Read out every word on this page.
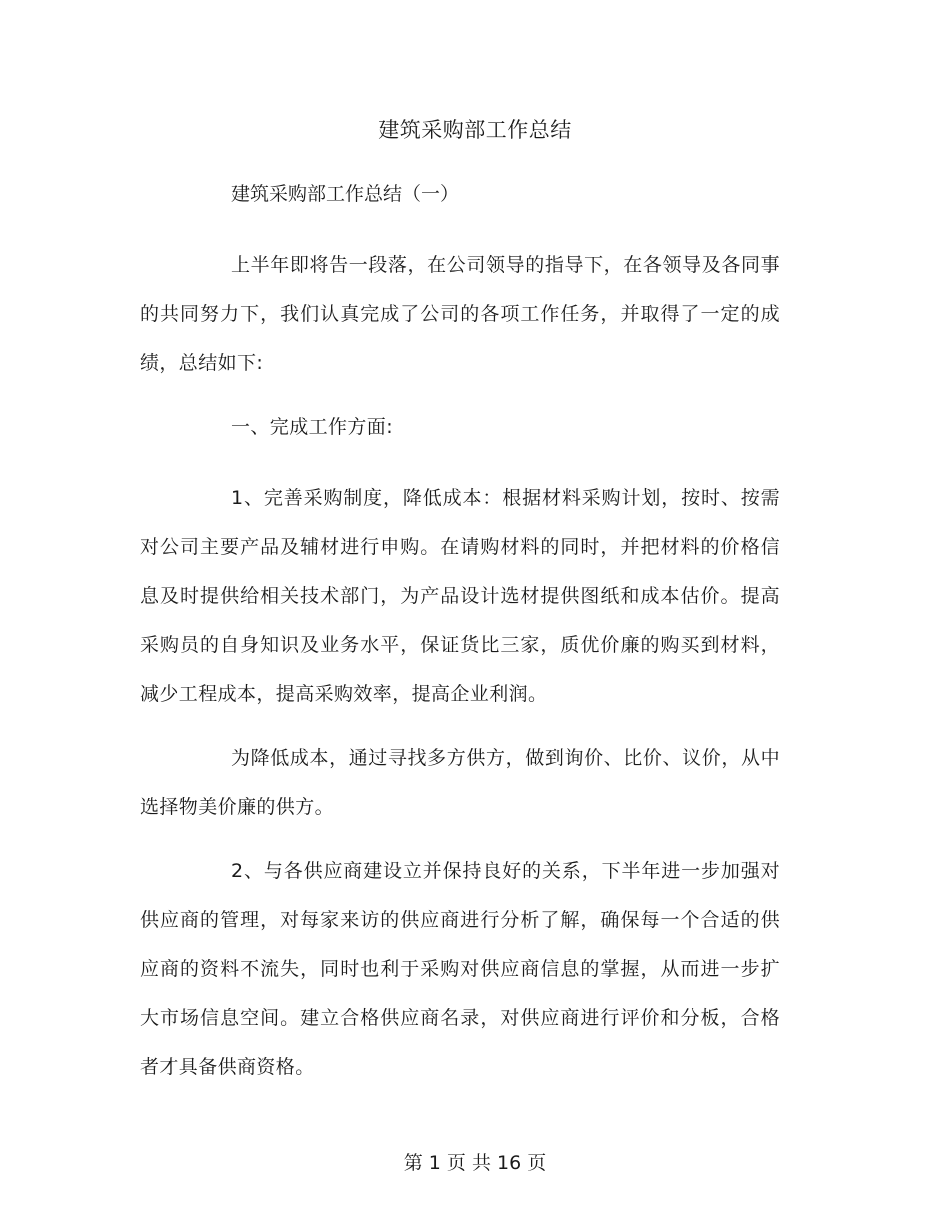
建筑采购部工作总结

建筑采购部工作总结（一）

上半年即将告一段落，在公司领导的指导下，在各领导及各同事的共同努力下，我们认真完成了公司的各项工作任务，并取得了一定的成绩，总结如下:

一、完成工作方面:

1、完善采购制度，降低成本：根据材料采购计划，按时、按需对公司主要产品及辅材进行申购。在请购材料的同时，并把材料的价格信息及时提供给相关技术部门，为产品设计选材提供图纸和成本估价。提高采购员的自身知识及业务水平，保证货比三家，质优价廉的购买到材料，减少工程成本，提高采购效率，提高企业利润。

为降低成本，通过寻找多方供方，做到询价、比价、议价，从中选择物美价廉的供方。

2、与各供应商建设立并保持良好的关系，下半年进一步加强对供应商的管理，对每家来访的供应商进行分析了解，确保每一个合适的供应商的资料不流失，同时也利于采购对供应商信息的掌握，从而进一步扩大市场信息空间。建立合格供应商名录，对供应商进行评价和分板，合格者才具备供商资格。

第 1 页 共 16 页
